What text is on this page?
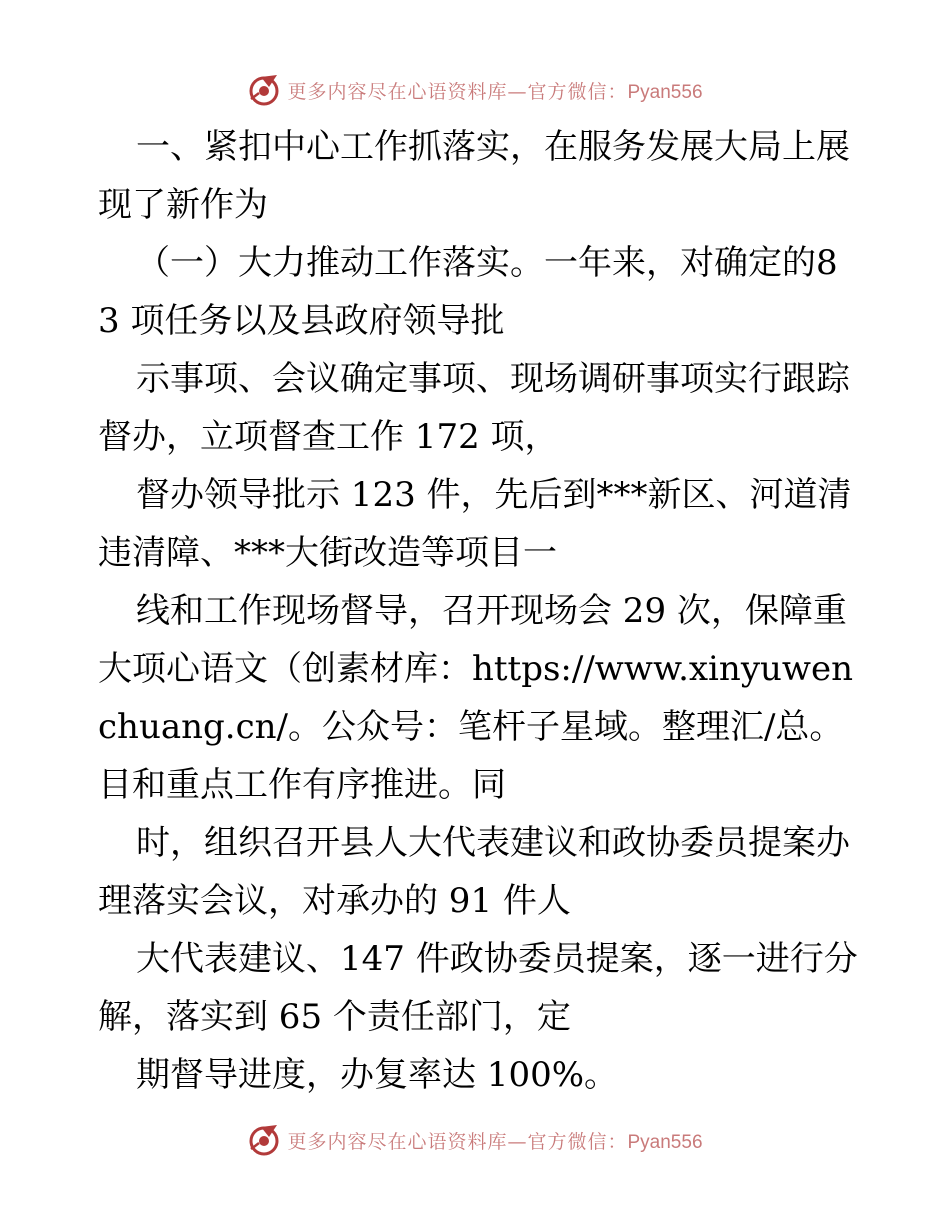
更多内容尽在心语资料库—官方微信：Pyan556

一、紧扣中心工作抓落实，在服务发展大局上展现了新作为

（一）大力推动工作落实。一年来，对确定的83 项任务以及县政府领导批

示事项、会议确定事项、现场调研事项实行跟踪督办，立项督查工作 172 项，

督办领导批示 123 件，先后到***新区、河道清违清障、***大街改造等项目一

线和工作现场督导，召开现场会 29 次，保障重大项心语文（创素材库：https://www.xinyuwenchuang.cn/。公众号：笔杆子星域。整理汇/总。目和重点工作有序推进。同

时，组织召开县人大代表建议和政协委员提案办理落实会议，对承办的 91 件人

大代表建议、147 件政协委员提案，逐一进行分解，落实到 65 个责任部门，定

期督导进度，办复率达 100%。

更多内容尽在心语资料库—官方微信：Pyan556
